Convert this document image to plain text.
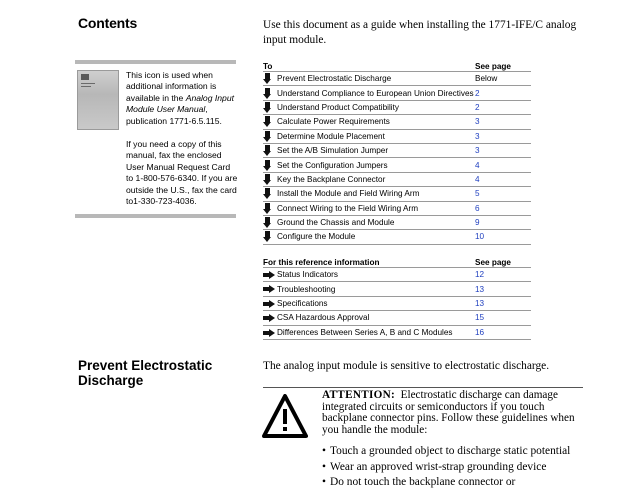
Contents
This icon is used when additional information is available in the Analog Input Module User Manual, publication 1771-6.5.115.
If you need a copy of this manual, fax the enclosed User Manual Request Card to 1-800-576-6340. If you are outside the U.S., fax the card to1-330-723-4036.
Use this document as a guide when installing the 1771-IFE/C analog input module.
To		See page

	Prevent Electrostatic Discharge	Below

	Understand Compliance to European Union Directives	2

	Understand Product Compatibility	2

	Calculate Power Requirements	3

	Determine Module Placement	3

	Set the A/B Simulation Jumper	3

	Set the Configuration Jumpers	4

	Key the Backplane Connector	4

	Install the Module and Field Wiring Arm	5

	Connect Wiring to the Field Wiring Arm	6

	Ground the Chassis and Module	9

	Configure the Module	10
For this reference information		See page

	Status Indicators	12

	Troubleshooting	13

	Specifications	13

	CSA Hazardous Approval	15

	Differences Between Series A, B and C Modules	16
Prevent Electrostatic Discharge
The analog input module is sensitive to electrostatic discharge.
ATTENTION: Electrostatic discharge can damage integrated circuits or semiconductors if you touch backplane connector pins. Follow these guidelines when you handle the module:
• Touch a grounded object to discharge static potential
• Wear an approved wrist-strap grounding device
• Do not touch the backplane connector or
